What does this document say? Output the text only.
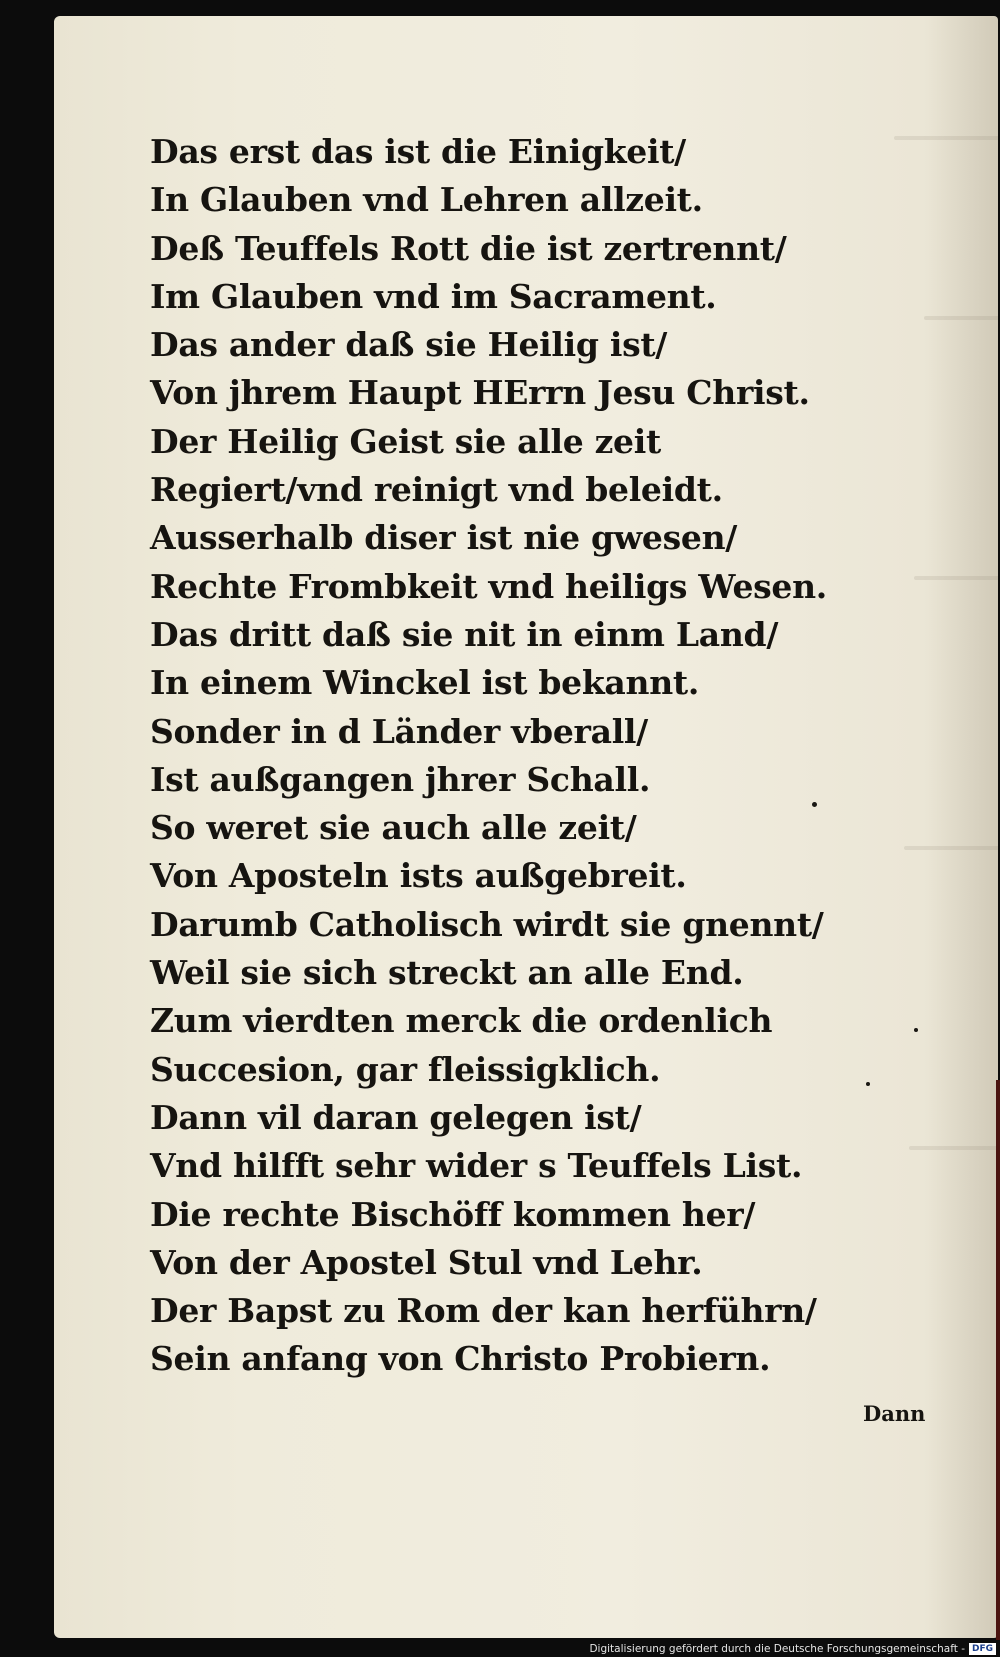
Das erst das ist die Einigkeit/
In Glauben vnd Lehren allzeit.
Deß Teuffels Rott die ist zertrennt/
Im Glauben vnd im Sacrament.
Das ander daß sie Heilig ist/
Von jhrem Haupt HErrn Jesu Christ.
Der Heilig Geist sie alle zeit
Regiert/vnd reinigt vnd beleidt.
Ausserhalb diser ist nie gwesen/
Rechte Frombkeit vnd heiligs Wesen.
Das dritt daß sie nit in einm Land/
In einem Winckel ist bekannt.
Sonder in d Länder vberall/
Ist außgangen jhrer Schall.
So weret sie auch alle zeit/
Von Aposteln ists außgebreit.
Darumb Catholisch wirdt sie gnennt/
Weil sie sich streckt an alle End.
Zum vierdten merck die ordenlich
Succesion, gar fleissigklich.
Dann vil daran gelegen ist/
Vnd hilfft sehr wider s Teuffels List.
Die rechte Bischöff kommen her/
Von der Apostel Stul vnd Lehr.
Der Bapst zu Rom der kan herführn/
Sein anfang von Christo Probiern.
Dann
Digitalisierung gefördert durch die Deutsche Forschungsgemeinschaft - DFG
